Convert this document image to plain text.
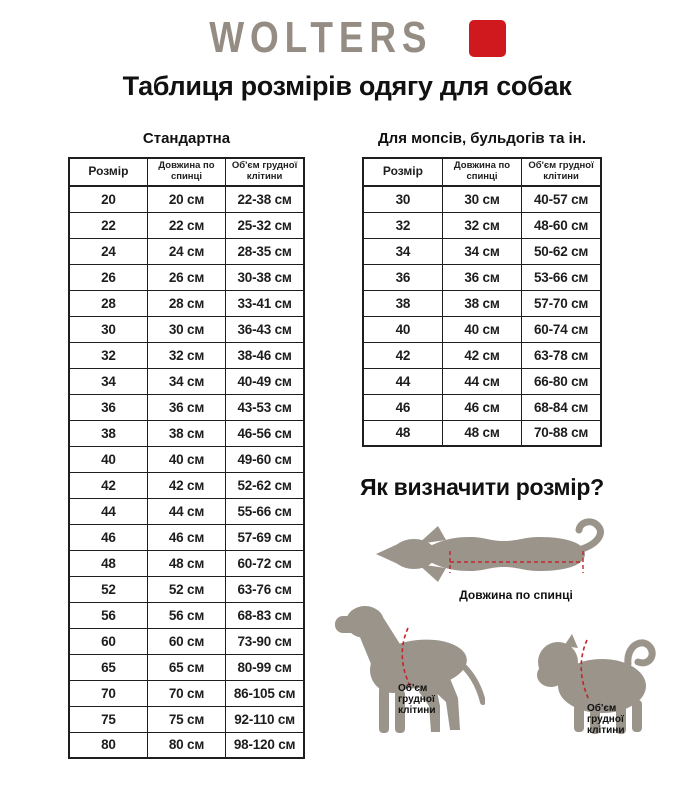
WOLTERS
Таблиця розмірів одягу для собак
Стандартна	Для мопсів, бульдогів та ін.
Розмір	Довжина по спинці	Об'єм грудної клітини
20	20 см	22-38 см
22	22 см	25-32 см
24	24 см	28-35 см
26	26 см	30-38 см
28	28 см	33-41 см
30	30 см	36-43 см
32	32 см	38-46 см
34	34 см	40-49 см
36	36 см	43-53 см
38	38 см	46-56 см
40	40 см	49-60 см
42	42 см	52-62 см
44	44 см	55-66 см
46	46 см	57-69 см
48	48 см	60-72 см
52	52 см	63-76 см
56	56 см	68-83 см
60	60 см	73-90 см
65	65 см	80-99 см
70	70 см	86-105 см
75	75 см	92-110 см
80	80 см	98-120 см
Розмір	Довжина по спинці	Об'єм грудної клітини
30	30 см	40-57 см
32	32 см	48-60 см
34	34 см	50-62 см
36	36 см	53-66 см
38	38 см	57-70 см
40	40 см	60-74 см
42	42 см	63-78 см
44	44 см	66-80 см
46	46 см	68-84 см
48	48 см	70-88 см
Як визначити розмір?
Довжина по спинці
Об'єм
грудної
клітини	Об'єм
грудної
клітини
